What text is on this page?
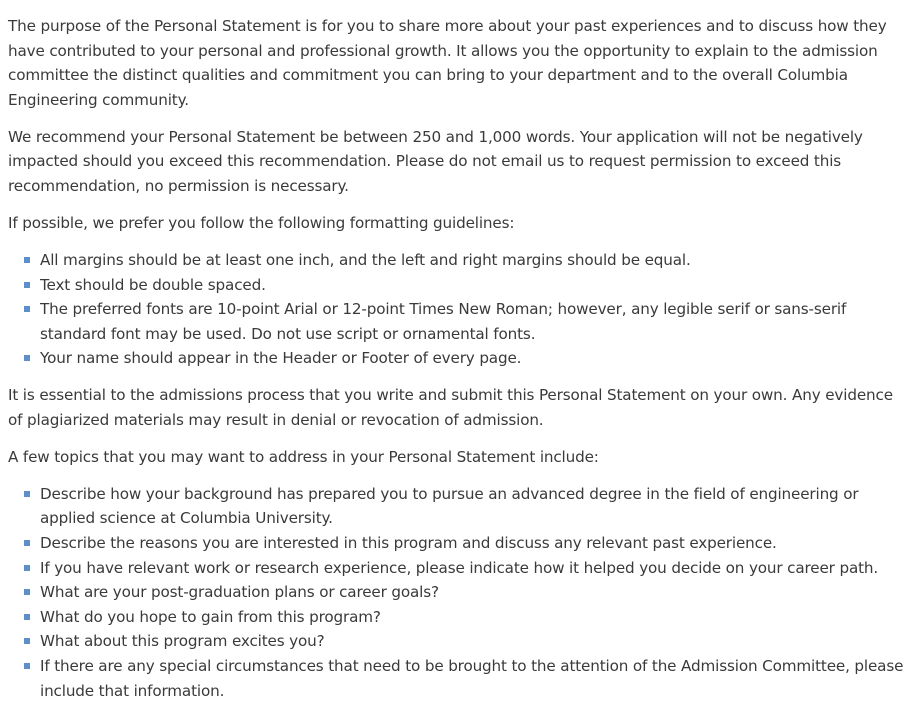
The purpose of the Personal Statement is for you to share more about your past experiences and to discuss how they have contributed to your personal and professional growth. It allows you the opportunity to explain to the admission committee the distinct qualities and commitment you can bring to your department and to the overall Columbia Engineering community.

We recommend your Personal Statement be between 250 and 1,000 words. Your application will not be negatively impacted should you exceed this recommendation. Please do not email us to request permission to exceed this recommendation, no permission is necessary.

If possible, we prefer you follow the following formatting guidelines:

All margins should be at least one inch, and the left and right margins should be equal.
Text should be double spaced.
The preferred fonts are 10-point Arial or 12-point Times New Roman; however, any legible serif or sans-serif standard font may be used. Do not use script or ornamental fonts.
Your name should appear in the Header or Footer of every page.

It is essential to the admissions process that you write and submit this Personal Statement on your own. Any evidence of plagiarized materials may result in denial or revocation of admission.

A few topics that you may want to address in your Personal Statement include:

Describe how your background has prepared you to pursue an advanced degree in the field of engineering or applied science at Columbia University.
Describe the reasons you are interested in this program and discuss any relevant past experience.
If you have relevant work or research experience, please indicate how it helped you decide on your career path.
What are your post-graduation plans or career goals?
What do you hope to gain from this program?
What about this program excites you?
If there are any special circumstances that need to be brought to the attention of the Admission Committee, please include that information.
